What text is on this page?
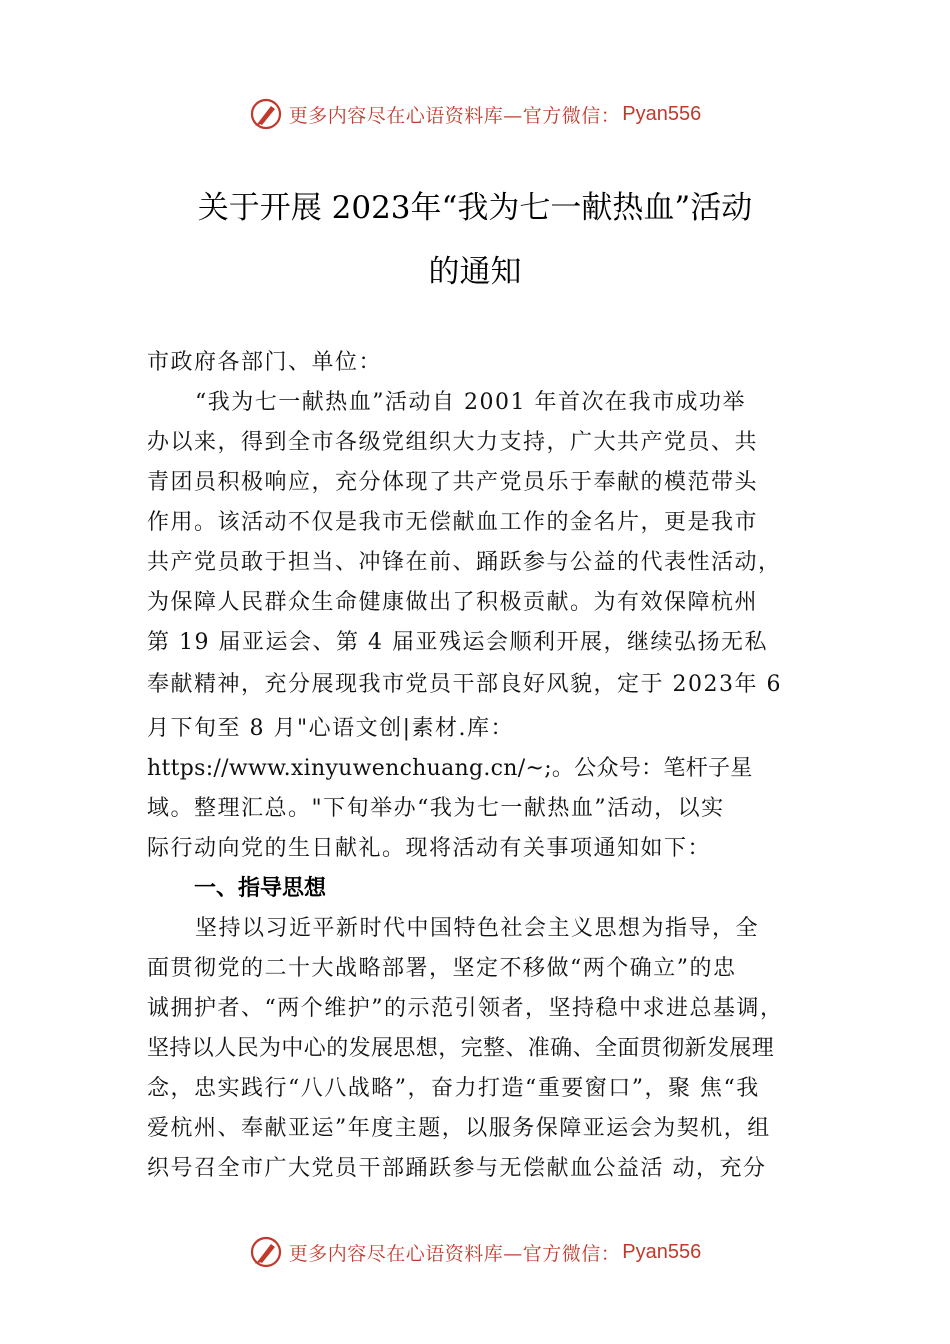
更多内容尽在心语资料库—官方微信： Pyan556
关于开展 2023年“我为七一献热血”活动
的通知
市政府各部门、单位：
“我为七一献热血”活动自 2001 年首次在我市成功举
办以来，得到全市各级党组织大力支持，广大共产党员、共
青团员积极响应，充分体现了共产党员乐于奉献的模范带头
作用。该活动不仅是我市无偿献血工作的金名片，更是我市
共产党员敢于担当、冲锋在前、踊跃参与公益的代表性活动，
为保障人民群众生命健康做出了积极贡献。为有效保障杭州
第 19 届亚运会、第 4 届亚残运会顺利开展，继续弘扬无私
奉献精神，充分展现我市党员干部良好风貌，定于 2023年 6
月下旬至 8 月"心语文创|素材.库：
https://www.xinyuwenchuang.cn/~;。公众号：笔杆子星
域。整理汇总。"下旬举办“我为七一献热血”活动，以实
际行动向党的生日献礼。现将活动有关事项通知如下：
一、指导思想
坚持以习近平新时代中国特色社会主义思想为指导，全
面贯彻党的二十大战略部署，坚定不移做“两个确立”的忠
诚拥护者、“两个维护”的示范引领者，坚持稳中求进总基调，
坚持以人民为中心的发展思想，完整、准确、全面贯彻新发展理
念，忠实践行“八八战略”，奋力打造“重要窗口”，聚 焦“我
爱杭州、奉献亚运”年度主题，以服务保障亚运会为契机，组
织号召全市广大党员干部踊跃参与无偿献血公益活 动，充分
更多内容尽在心语资料库—官方微信： Pyan556
